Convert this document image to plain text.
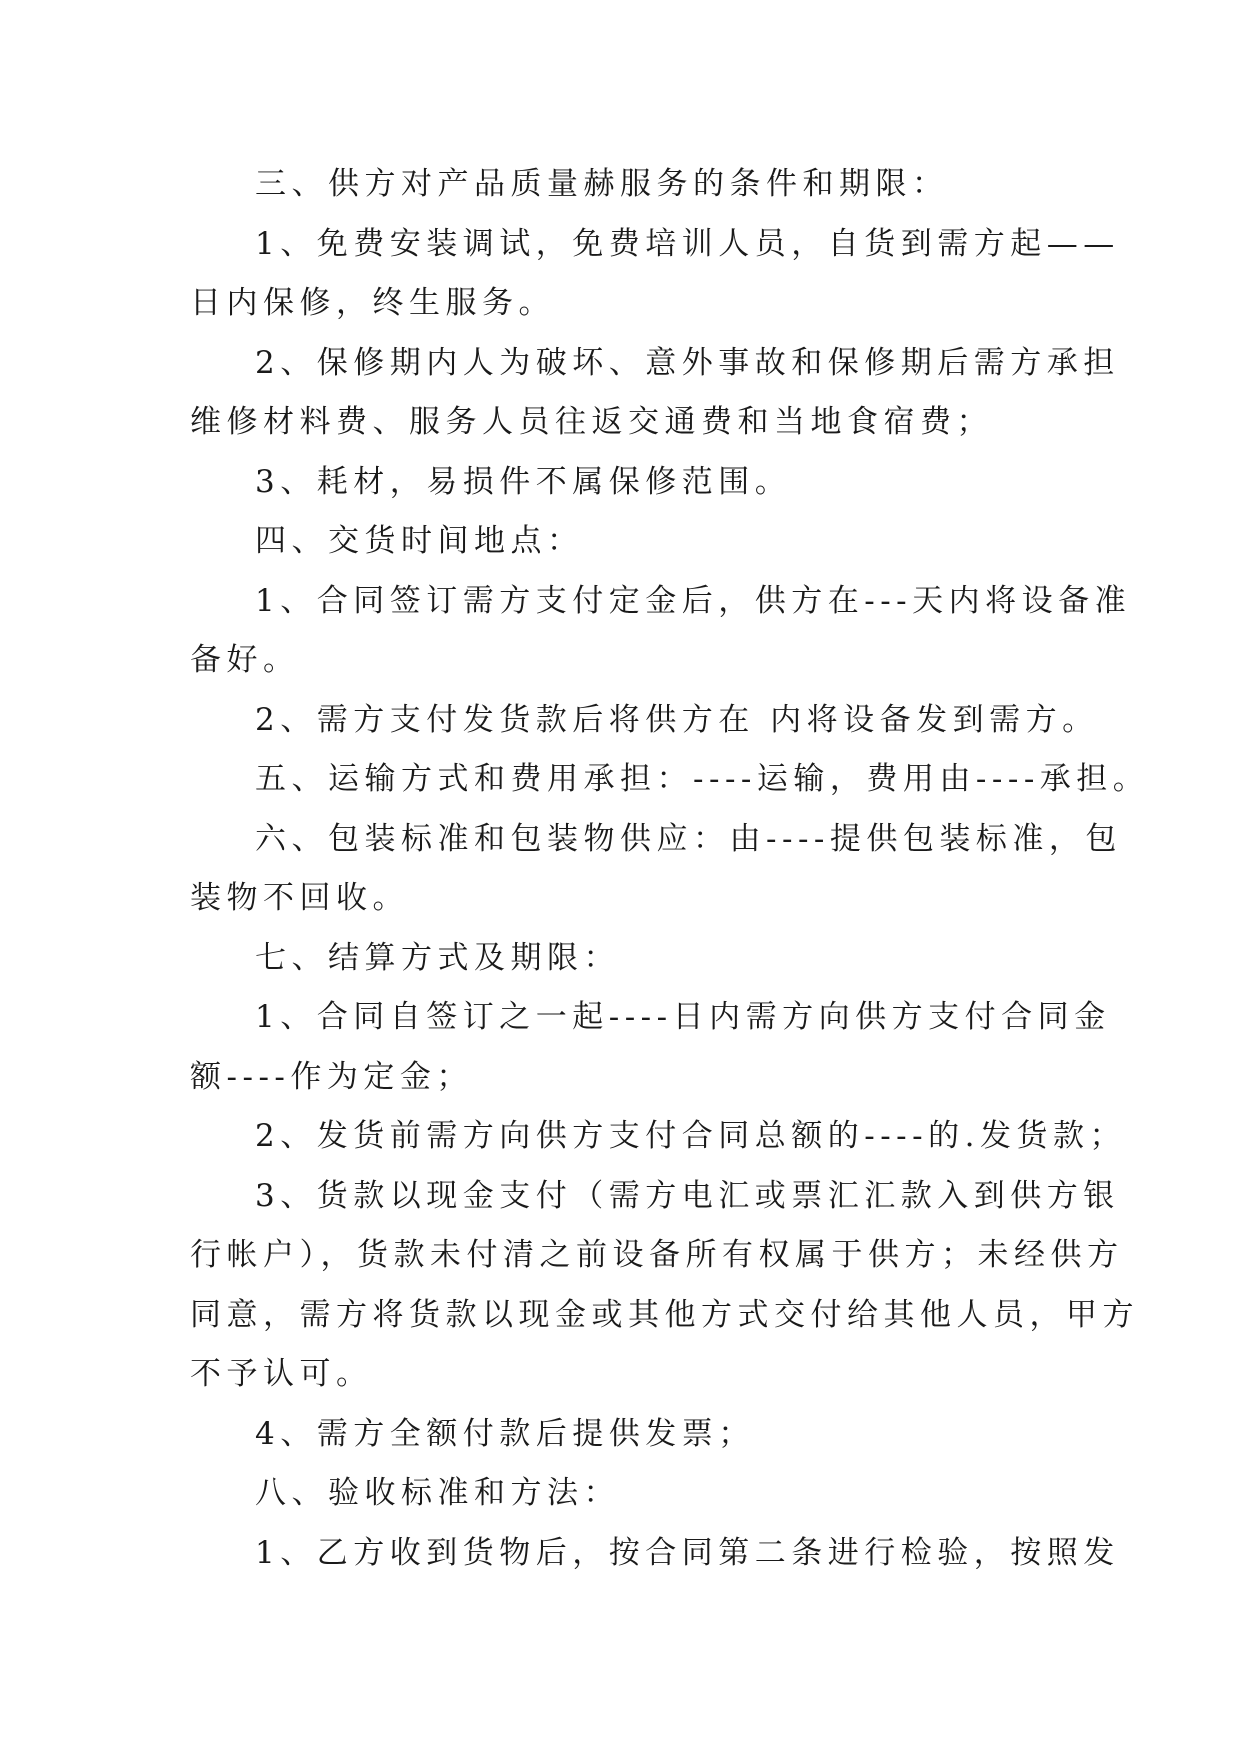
三、供方对产品质量赫服务的条件和期限：
1、免费安装调试，免费培训人员，自货到需方起——
日内保修，终生服务。
2、保修期内人为破坏、意外事故和保修期后需方承担
维修材料费、服务人员往返交通费和当地食宿费；
3、耗材，易损件不属保修范围。
四、交货时间地点：
1、合同签订需方支付定金后，供方在---天内将设备准
备好。
2、需方支付发货款后将供方在 内将设备发到需方。
五、运输方式和费用承担：----运输，费用由----承担。
六、包装标准和包装物供应：由----提供包装标准，包
装物不回收。
七、结算方式及期限：
1、合同自签订之一起----日内需方向供方支付合同金
额----作为定金；
2、发货前需方向供方支付合同总额的----的.发货款；
3、货款以现金支付（需方电汇或票汇汇款入到供方银
行帐户），货款未付清之前设备所有权属于供方；未经供方
同意，需方将货款以现金或其他方式交付给其他人员，甲方
不予认可。
4、需方全额付款后提供发票；
八、验收标准和方法：
1、乙方收到货物后，按合同第二条进行检验，按照发
